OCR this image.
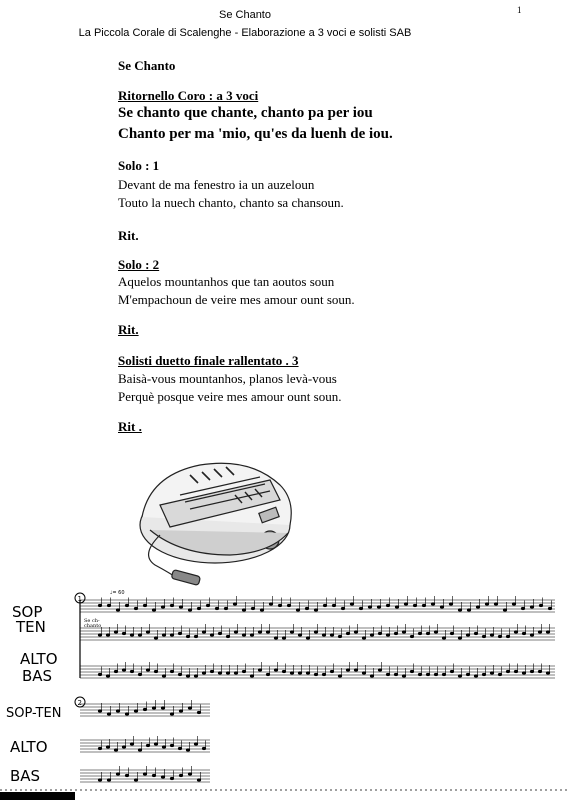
Se Chanto
La Piccola Corale di Scalenghe - Elaborazione a 3 voci e solisti SAB
1
Se Chanto
Ritornello Coro : a 3 voci
Se chanto que chante, chanto pa per iou
Chanto per ma 'mio, qu'es da luenh de iou.
Solo : 1
Devant de ma fenestro ia un auzeloun
Touto la nuech chanto, chanto sa chansoun.
Rit.
Solo : 2
Aquelos mountanhos que tan aoutos soun
M'empachoun de veire mes amour ount soun.
Rit.
Solisti duetto finale rallentato . 3
Baisà-vous mountanhos, planos levà-vous
Perquè posque veire mes amour ount soun.
Rit .
1
2
Se ch-
chanto
♩= 60
SOP
TEN
ALTO
BAS
SOP-TEN
ALTO
BAS
